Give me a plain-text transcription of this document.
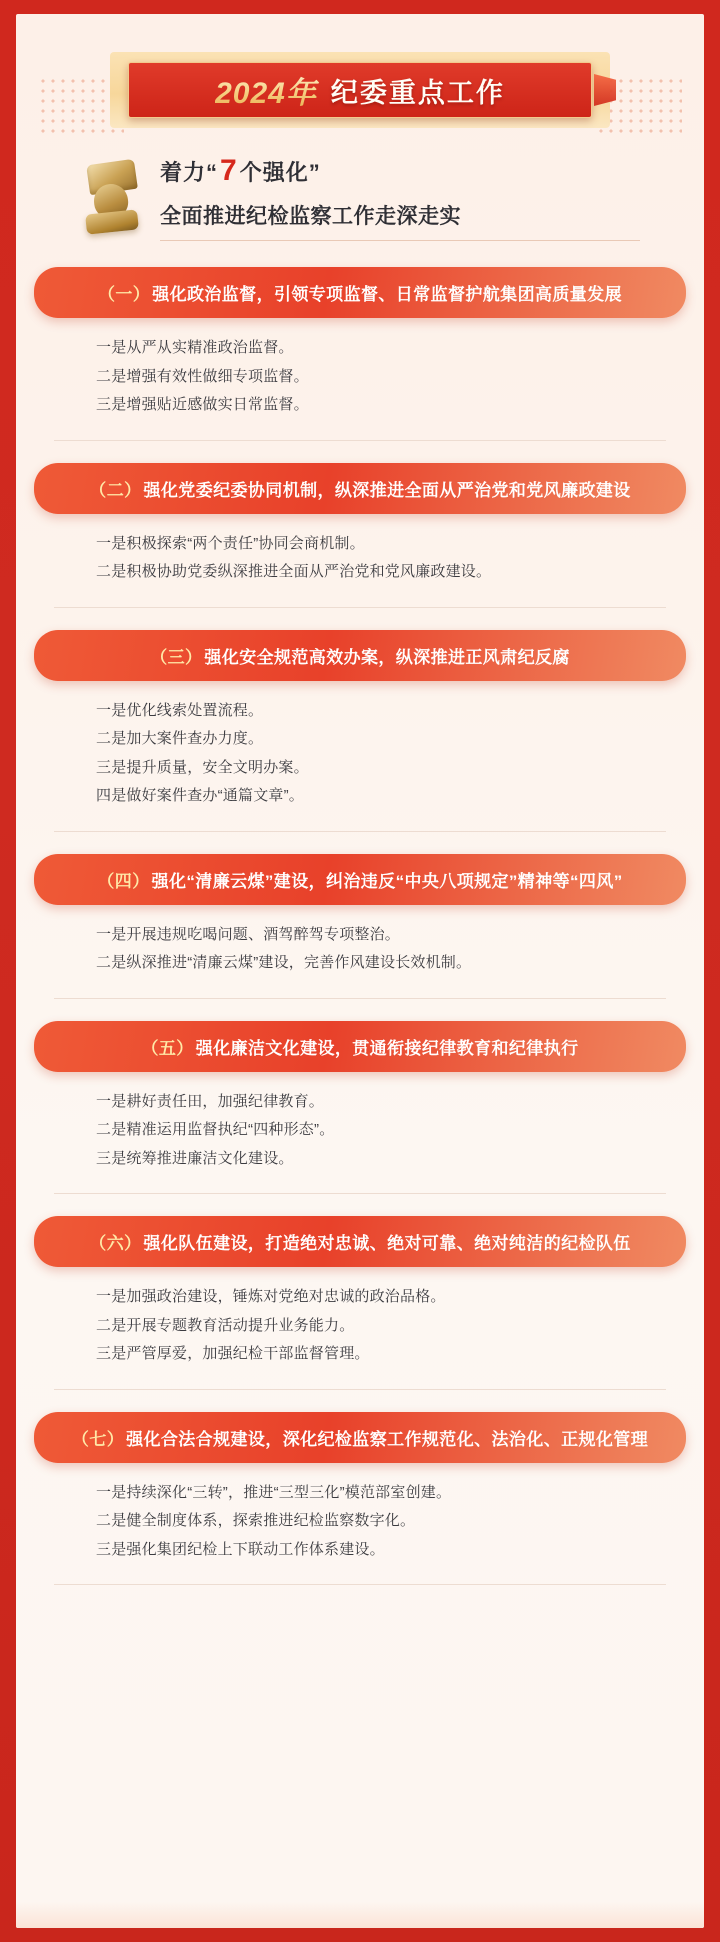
2024年 纪委重点工作
着力“7个强化”
全面推进纪检监察工作走深走实
（一） 强化政治监督，引领专项监督、日常监督护航集团高质量发展
一是从严从实精准政治监督。
二是增强有效性做细专项监督。
三是增强贴近感做实日常监督。
（二） 强化党委纪委协同机制，纵深推进全面从严治党和党风廉政建设
一是积极探索“两个责任”协同会商机制。
二是积极协助党委纵深推进全面从严治党和党风廉政建设。
（三） 强化安全规范高效办案，纵深推进正风肃纪反腐
一是优化线索处置流程。
二是加大案件查办力度。
三是提升质量，安全文明办案。
四是做好案件查办“通篇文章”。
（四） 强化“清廉云煤”建设，纠治违反“中央八项规定”精神等“四风”
一是开展违规吃喝问题、酒驾醉驾专项整治。
二是纵深推进“清廉云煤”建设，完善作风建设长效机制。
（五） 强化廉洁文化建设，贯通衔接纪律教育和纪律执行
一是耕好责任田，加强纪律教育。
二是精准运用监督执纪“四种形态”。
三是统筹推进廉洁文化建设。
（六） 强化队伍建设，打造绝对忠诚、绝对可靠、绝对纯洁的纪检队伍
一是加强政治建设，锤炼对党绝对忠诚的政治品格。
二是开展专题教育活动提升业务能力。
三是严管厚爱，加强纪检干部监督管理。
（七） 强化合法合规建设，深化纪检监察工作规范化、法治化、正规化管理
一是持续深化“三转”，推进“三型三化”模范部室创建。
二是健全制度体系，探索推进纪检监察数字化。
三是强化集团纪检上下联动工作体系建设。
